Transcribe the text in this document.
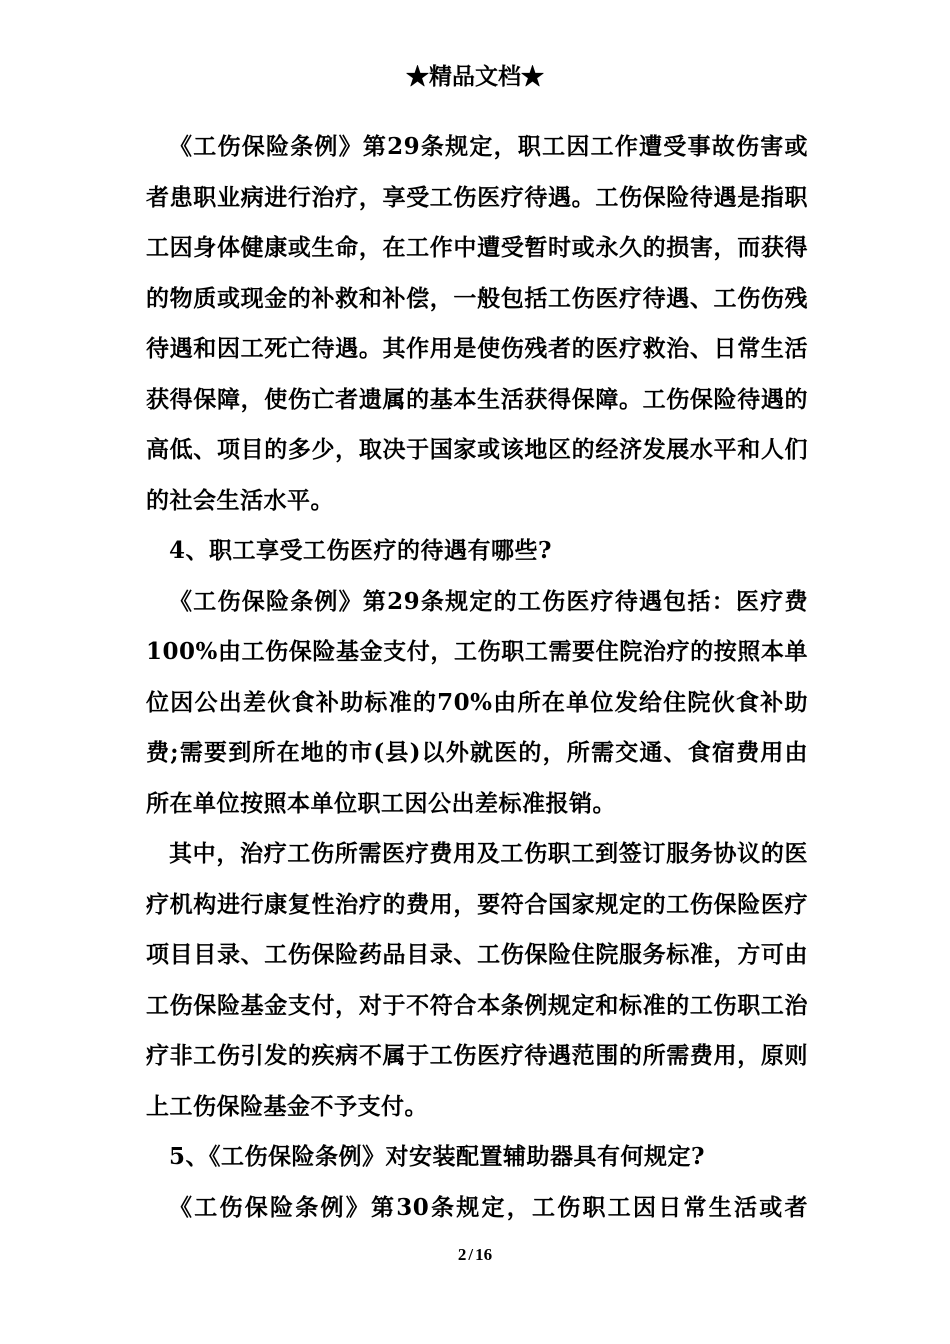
★精品文档★

《工伤保险条例》第29条规定，职工因工作遭受事故伤害或者患职业病进行治疗，享受工伤医疗待遇。工伤保险待遇是指职工因身体健康或生命，在工作中遭受暂时或永久的损害，而获得的物质或现金的补救和补偿，一般包括工伤医疗待遇、工伤伤残待遇和因工死亡待遇。其作用是使伤残者的医疗救治、日常生活获得保障，使伤亡者遗属的基本生活获得保障。工伤保险待遇的高低、项目的多少，取决于国家或该地区的经济发展水平和人们的社会生活水平。

4、职工享受工伤医疗的待遇有哪些?

《工伤保险条例》第29条规定的工伤医疗待遇包括：医疗费100%由工伤保险基金支付，工伤职工需要住院治疗的按照本单位因公出差伙食补助标准的70%由所在单位发给住院伙食补助费;需要到所在地的市(县)以外就医的，所需交通、食宿费用由所在单位按照本单位职工因公出差标准报销。

其中，治疗工伤所需医疗费用及工伤职工到签订服务协议的医疗机构进行康复性治疗的费用，要符合国家规定的工伤保险医疗项目目录、工伤保险药品目录、工伤保险住院服务标准，方可由工伤保险基金支付，对于不符合本条例规定和标准的工伤职工治疗非工伤引发的疾病不属于工伤医疗待遇范围的所需费用，原则上工伤保险基金不予支付。

5、《工伤保险条例》对安装配置辅助器具有何规定?

《工伤保险条例》第30条规定，工伤职工因日常生活或者

2 / 16
